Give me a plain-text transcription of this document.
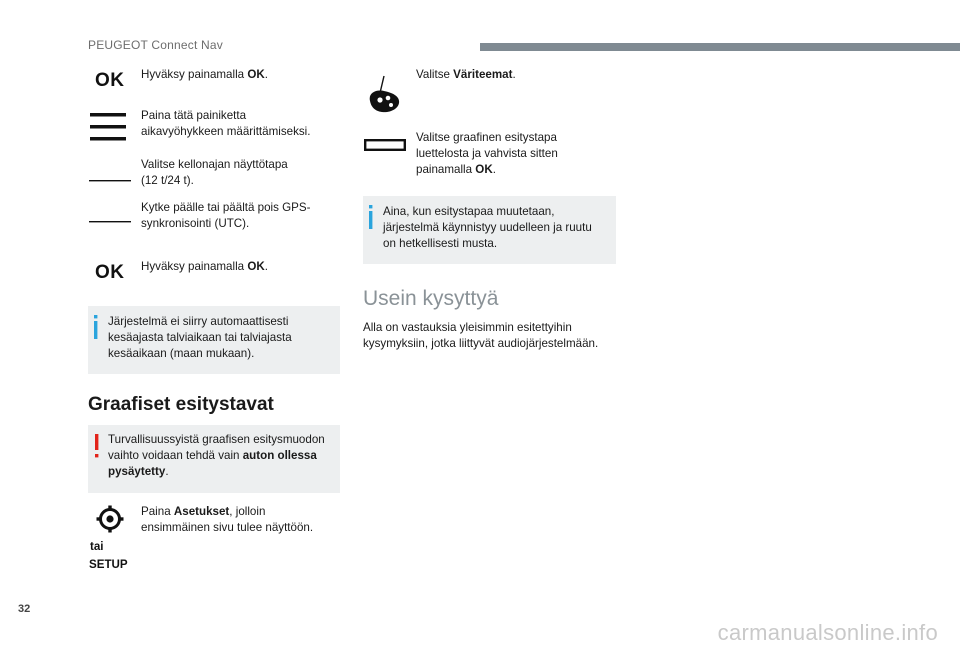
PEUGEOT Connect Nav
OK Hyväksy painamalla OK.
Paina tätä painiketta
aikavyöhykkeen määrittämiseksi.
Valitse kellonajan näyttötapa
(12 t/24 t).
Kytke päälle tai päältä pois GPS-
synkronisointi (UTC).
OK Hyväksy painamalla OK.
Järjestelmä ei siirry automaattisesti
kesäajasta talviaikaan tai talviajasta
kesäaikaan (maan mukaan).
Graafiset esitystavat
Turvallisuussyistä graafisen esitysmuodon
vaihto voidaan tehdä vain auton ollessa
pysäytetty.
tai
SETUP
Paina Asetukset, jolloin
ensimmäinen sivu tulee näyttöön.
Valitse Väriteemat.
Valitse graafinen esitystapa
luettelosta ja vahvista sitten
painamalla OK.
Aina, kun esitystapaa muutetaan,
järjestelmä käynnistyy uudelleen ja ruutu
on hetkellisesti musta.
Usein kysyttyä
Alla on vastauksia yleisimmin esitettyihin
kysymyksiin, jotka liittyvät audiojärjestelmään.
32
carmanualsonline.info
